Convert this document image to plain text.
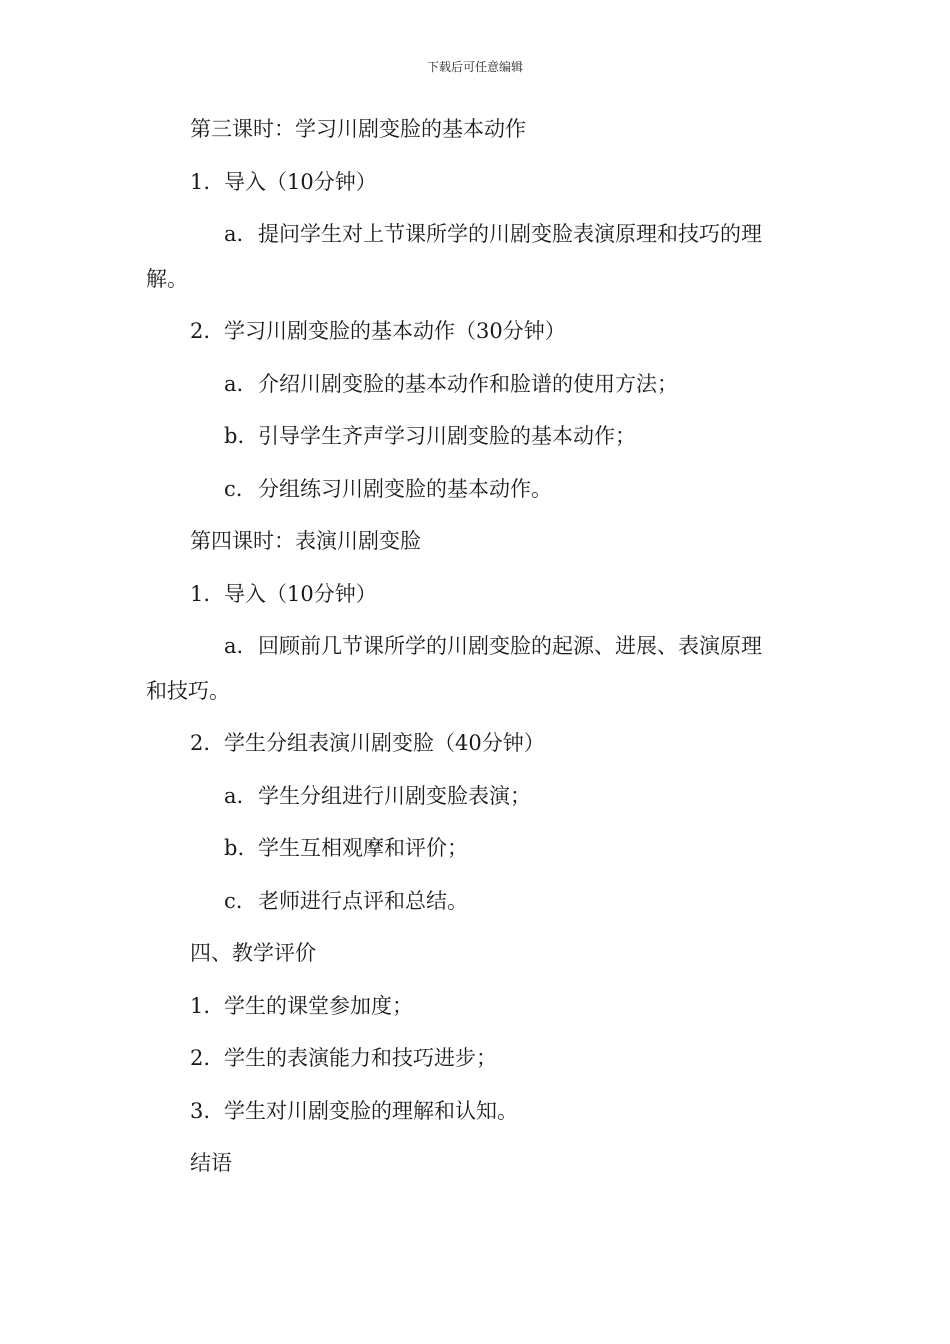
下载后可任意编辑
第三课时：学习川剧变脸的基本动作
1. 导入（10分钟）
a. 提问学生对上节课所学的川剧变脸表演原理和技巧的理
解。
2. 学习川剧变脸的基本动作（30分钟）
a. 介绍川剧变脸的基本动作和脸谱的使用方法；
b. 引导学生齐声学习川剧变脸的基本动作；
c. 分组练习川剧变脸的基本动作。
第四课时：表演川剧变脸
1. 导入（10分钟）
a. 回顾前几节课所学的川剧变脸的起源、进展、表演原理
和技巧。
2. 学生分组表演川剧变脸（40分钟）
a. 学生分组进行川剧变脸表演；
b. 学生互相观摩和评价；
c. 老师进行点评和总结。
四、教学评价
1. 学生的课堂参加度；
2. 学生的表演能力和技巧进步；
3. 学生对川剧变脸的理解和认知。
结语
